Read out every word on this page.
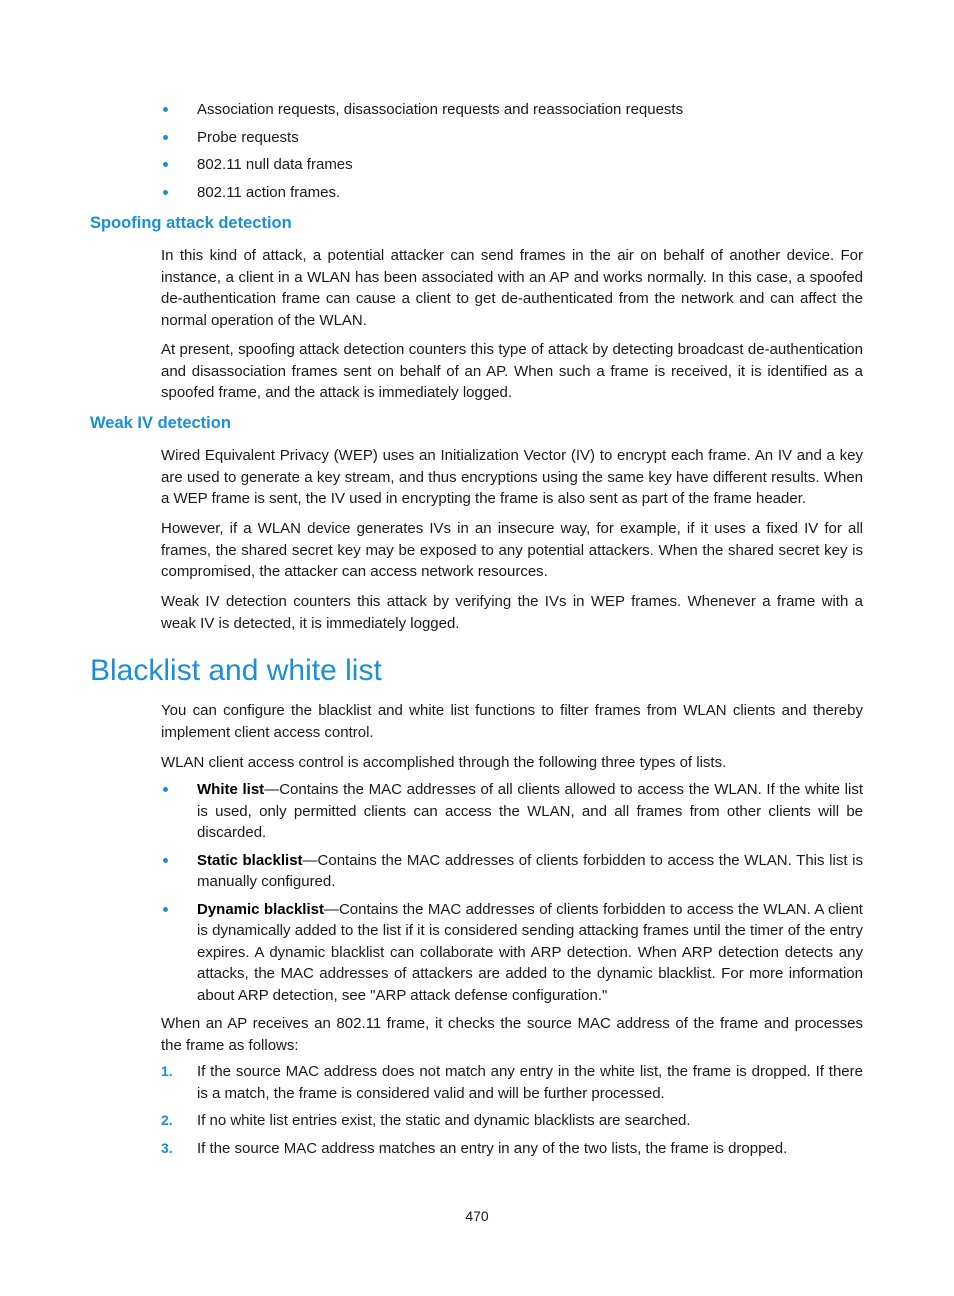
Association requests, disassociation requests and reassociation requests
Probe requests
802.11 null data frames
802.11 action frames.
Spoofing attack detection

In this kind of attack, a potential attacker can send frames in the air on behalf of another device. For instance, a client in a WLAN has been associated with an AP and works normally. In this case, a spoofed de-authentication frame can cause a client to get de-authenticated from the network and can affect the normal operation of the WLAN.

At present, spoofing attack detection counters this type of attack by detecting broadcast de-authentication and disassociation frames sent on behalf of an AP. When such a frame is received, it is identified as a spoofed frame, and the attack is immediately logged.

Weak IV detection

Wired Equivalent Privacy (WEP) uses an Initialization Vector (IV) to encrypt each frame. An IV and a key are used to generate a key stream, and thus encryptions using the same key have different results. When a WEP frame is sent, the IV used in encrypting the frame is also sent as part of the frame header.

However, if a WLAN device generates IVs in an insecure way, for example, if it uses a fixed IV for all frames, the shared secret key may be exposed to any potential attackers. When the shared secret key is compromised, the attacker can access network resources.

Weak IV detection counters this attack by verifying the IVs in WEP frames. Whenever a frame with a weak IV is detected, it is immediately logged.

Blacklist and white list

You can configure the blacklist and white list functions to filter frames from WLAN clients and thereby implement client access control.

WLAN client access control is accomplished through the following three types of lists.

White list—Contains the MAC addresses of all clients allowed to access the WLAN. If the white list is used, only permitted clients can access the WLAN, and all frames from other clients will be discarded.
Static blacklist—Contains the MAC addresses of clients forbidden to access the WLAN. This list is manually configured.
Dynamic blacklist—Contains the MAC addresses of clients forbidden to access the WLAN. A client is dynamically added to the list if it is considered sending attacking frames until the timer of the entry expires. A dynamic blacklist can collaborate with ARP detection. When ARP detection detects any attacks, the MAC addresses of attackers are added to the dynamic blacklist. For more information about ARP detection, see "ARP attack defense configuration."

When an AP receives an 802.11 frame, it checks the source MAC address of the frame and processes the frame as follows:

1. If the source MAC address does not match any entry in the white list, the frame is dropped. If there is a match, the frame is considered valid and will be further processed.
2. If no white list entries exist, the static and dynamic blacklists are searched.
3. If the source MAC address matches an entry in any of the two lists, the frame is dropped.
470
